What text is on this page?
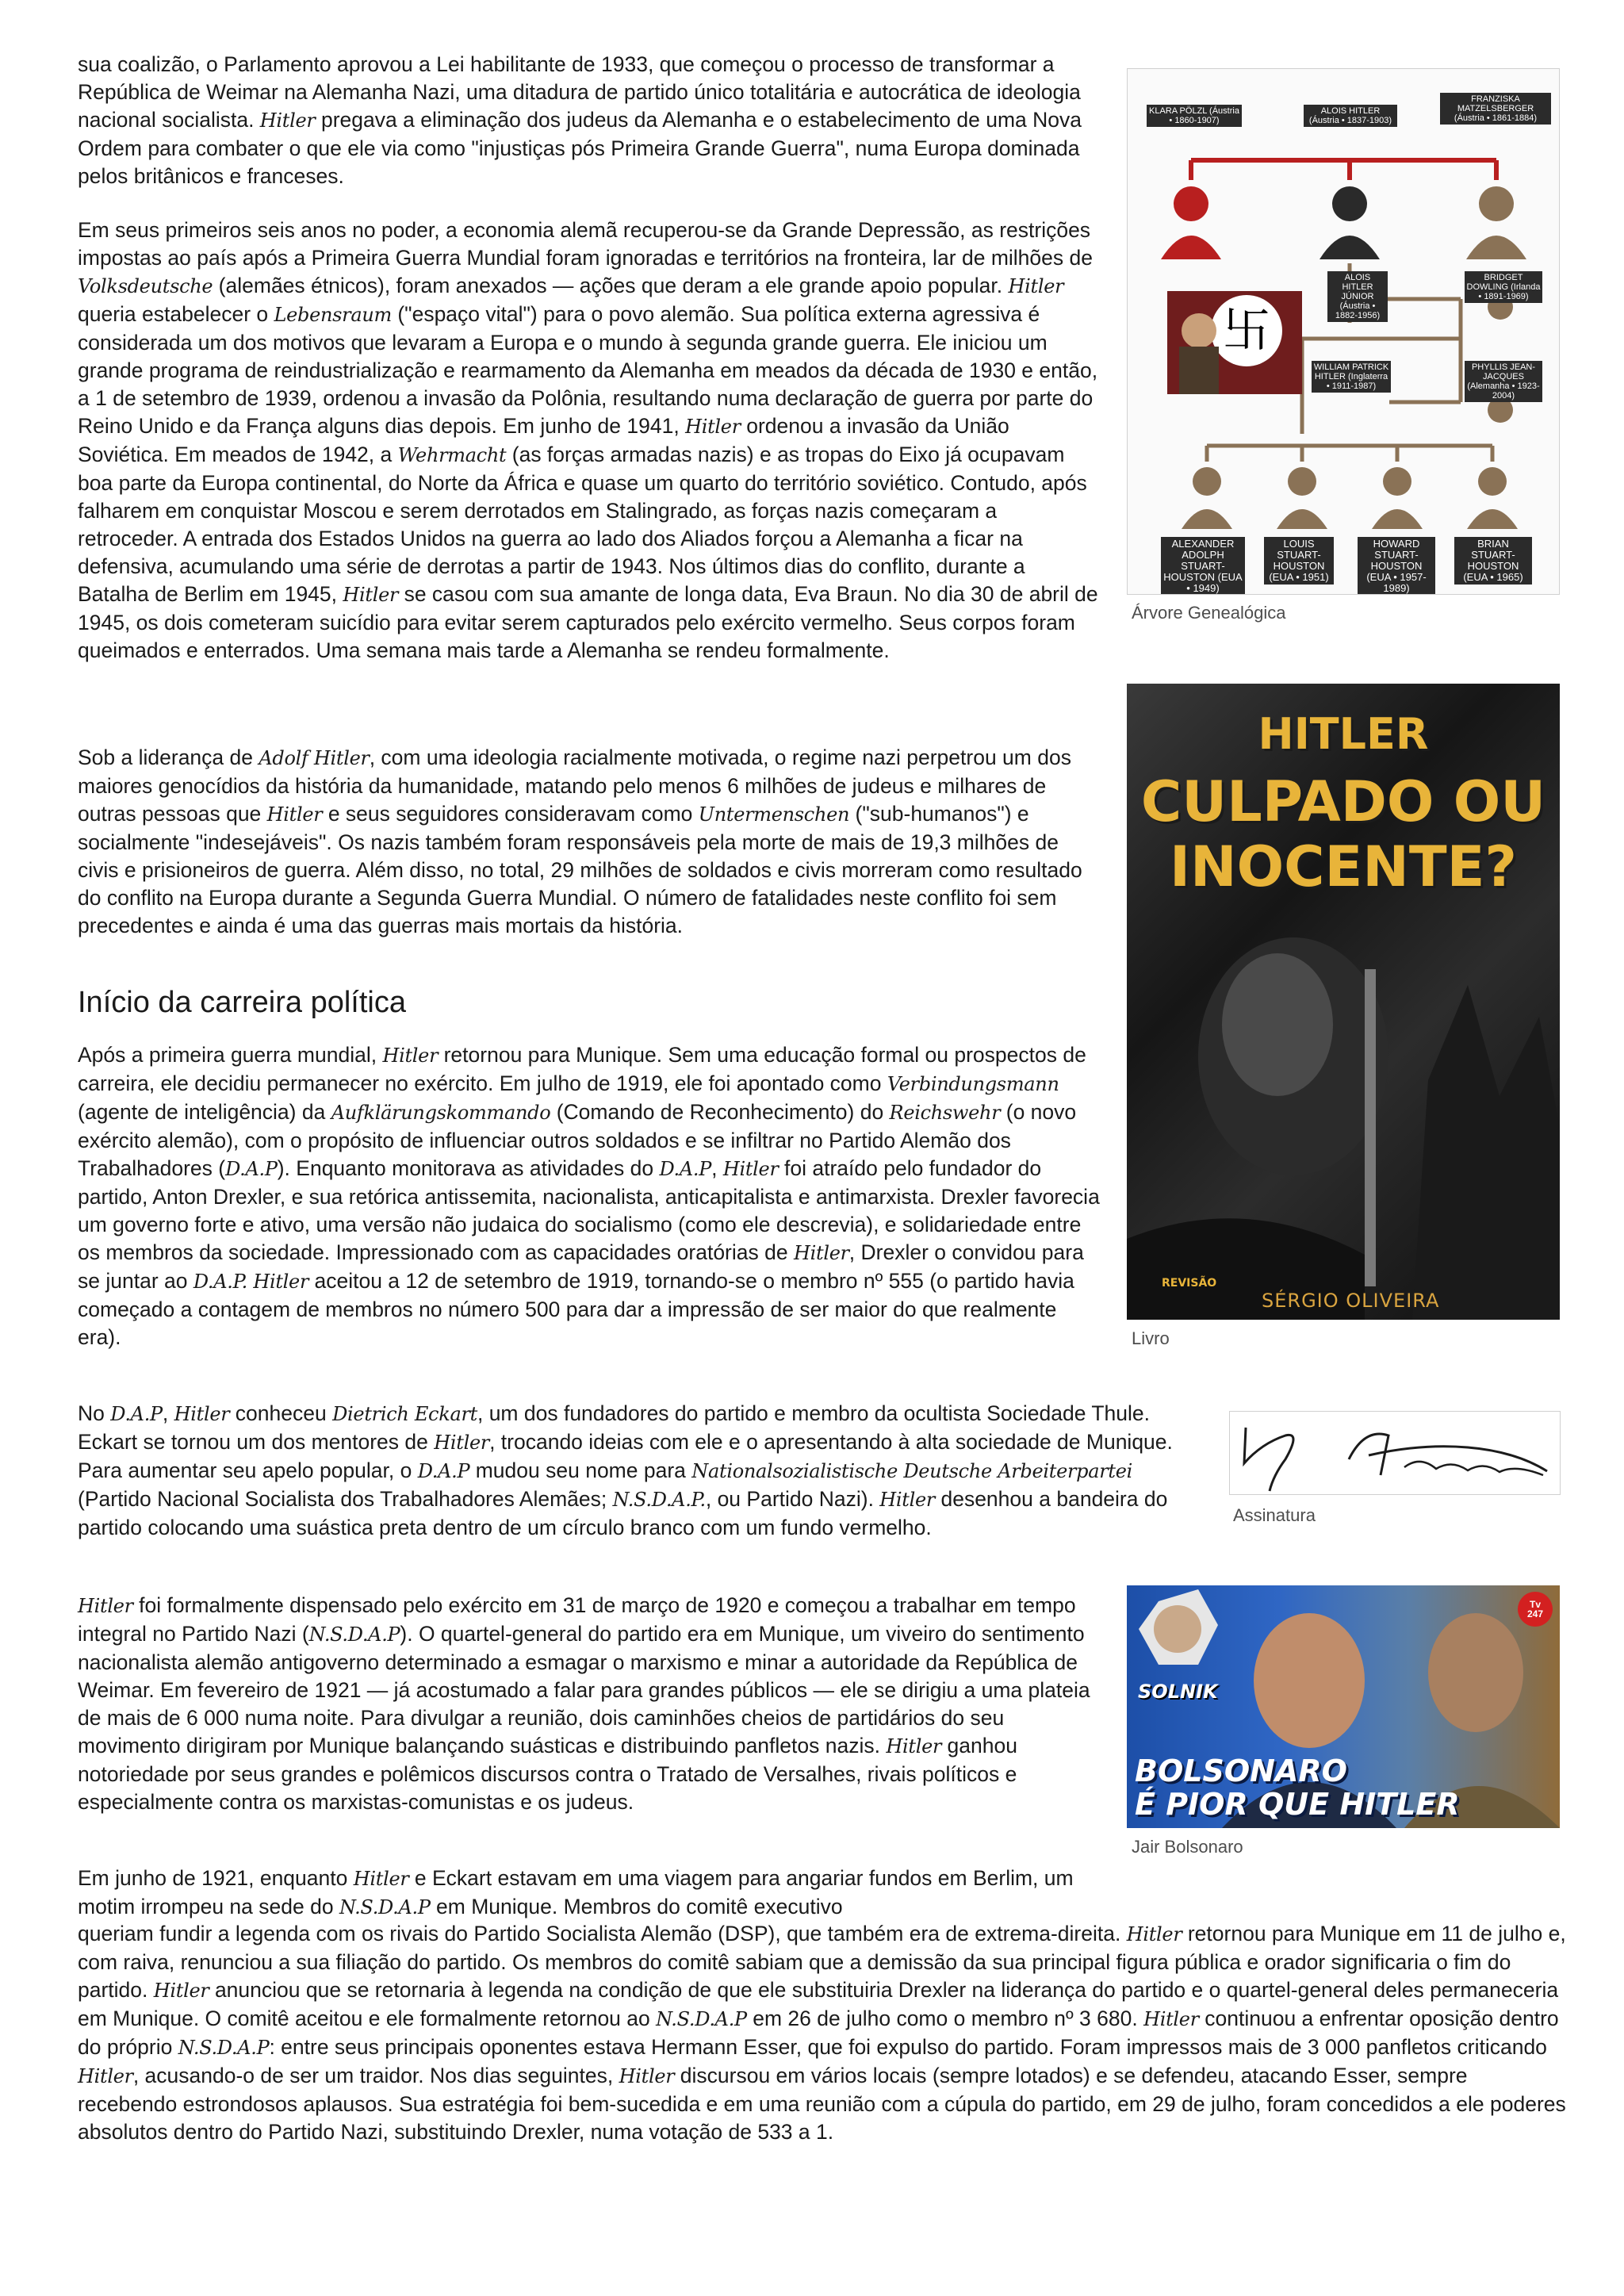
sua coalizão, o Parlamento aprovou a Lei habilitante de 1933, que começou o processo de transformar a República de Weimar na Alemanha Nazi, uma ditadura de partido único totalitária e autocrática de ideologia nacional socialista. Hitler pregava a eliminação dos judeus da Alemanha e o estabelecimento de uma Nova Ordem para combater o que ele via como "injustiças pós Primeira Grande Guerra", numa Europa dominada pelos britânicos e franceses.

Em seus primeiros seis anos no poder, a economia alemã recuperou-se da Grande Depressão, as restrições impostas ao país após a Primeira Guerra Mundial foram ignoradas e territórios na fronteira, lar de milhões de Volksdeutsche (alemães étnicos), foram anexados — ações que deram a ele grande apoio popular. Hitler queria estabelecer o Lebensraum ("espaço vital") para o povo alemão. Sua política externa agressiva é considerada um dos motivos que levaram a Europa e o mundo à segunda grande guerra. Ele iniciou um grande programa de reindustrialização e rearmamento da Alemanha em meados da década de 1930 e então, a 1 de setembro de 1939, ordenou a invasão da Polônia, resultando numa declaração de guerra por parte do Reino Unido e da França alguns dias depois. Em junho de 1941, Hitler ordenou a invasão da União Soviética. Em meados de 1942, a Wehrmacht (as forças armadas nazis) e as tropas do Eixo já ocupavam boa parte da Europa continental, do Norte da África e quase um quarto do território soviético. Contudo, após falharem em conquistar Moscou e serem derrotados em Stalingrado, as forças nazis começaram a retroceder. A entrada dos Estados Unidos na guerra ao lado dos Aliados forçou a Alemanha a ficar na defensiva, acumulando uma série de derrotas a partir de 1943. Nos últimos dias do conflito, durante a Batalha de Berlim em 1945, Hitler se casou com sua amante de longa data, Eva Braun. No dia 30 de abril de 1945, os dois cometeram suicídio para evitar serem capturados pelo exército vermelho. Seus corpos foram queimados e enterrados. Uma semana mais tarde a Alemanha se rendeu formalmente.

Sob a liderança de Adolf Hitler, com uma ideologia racialmente motivada, o regime nazi perpetrou um dos maiores genocídios da história da humanidade, matando pelo menos 6 milhões de judeus e milhares de outras pessoas que Hitler e seus seguidores consideravam como Untermenschen ("sub-humanos") e socialmente "indesejáveis". Os nazis também foram responsáveis pela morte de mais de 19,3 milhões de civis e prisioneiros de guerra. Além disso, no total, 29 milhões de soldados e civis morreram como resultado do conflito na Europa durante a Segunda Guerra Mundial. O número de fatalidades neste conflito foi sem precedentes e ainda é uma das guerras mais mortais da história.

Início da carreira política

Após a primeira guerra mundial, Hitler retornou para Munique. Sem uma educação formal ou prospectos de carreira, ele decidiu permanecer no exército. Em julho de 1919, ele foi apontado como Verbindungsmann (agente de inteligência) da Aufklärungskommando (Comando de Reconhecimento) do Reichswehr (o novo exército alemão), com o propósito de influenciar outros soldados e se infiltrar no Partido Alemão dos Trabalhadores (D.A.P). Enquanto monitorava as atividades do D.A.P, Hitler foi atraído pelo fundador do partido, Anton Drexler, e sua retórica antissemita, nacionalista, anticapitalista e antimarxista. Drexler favorecia um governo forte e ativo, uma versão não judaica do socialismo (como ele descrevia), e solidariedade entre os membros da sociedade. Impressionado com as capacidades oratórias de Hitler, Drexler o convidou para se juntar ao D.A.P. Hitler aceitou a 12 de setembro de 1919, tornando-se o membro nº 555 (o partido havia começado a contagem de membros no número 500 para dar a impressão de ser maior do que realmente era).

No D.A.P, Hitler conheceu Dietrich Eckart, um dos fundadores do partido e membro da ocultista Sociedade Thule. Eckart se tornou um dos mentores de Hitler, trocando ideias com ele e o apresentando à alta sociedade de Munique. Para aumentar seu apelo popular, o D.A.P mudou seu nome para Nationalsozialistische Deutsche Arbeiterpartei (Partido Nacional Socialista dos Trabalhadores Alemães; N.S.D.A.P., ou Partido Nazi). Hitler desenhou a bandeira do partido colocando uma suástica preta dentro de um círculo branco com um fundo vermelho.

Hitler foi formalmente dispensado pelo exército em 31 de março de 1920 e começou a trabalhar em tempo integral no Partido Nazi (N.S.D.A.P). O quartel-general do partido era em Munique, um viveiro do sentimento nacionalista alemão antigoverno determinado a esmagar o marxismo e minar a autoridade da República de Weimar. Em fevereiro de 1921 — já acostumado a falar para grandes públicos — ele se dirigiu a uma plateia de mais de 6 000 numa noite. Para divulgar a reunião, dois caminhões cheios de partidários do seu movimento dirigiram por Munique balançando suásticas e distribuindo panfletos nazis. Hitler ganhou notoriedade por seus grandes e polêmicos discursos contra o Tratado de Versalhes, rivais políticos e especialmente contra os marxistas-comunistas e os judeus.

Em junho de 1921, enquanto Hitler e Eckart estavam em uma viagem para angariar fundos em Berlim, um motim irrompeu na sede do N.S.D.A.P em Munique. Membros do comitê executivo

queriam fundir a legenda com os rivais do Partido Socialista Alemão (DSP), que também era de extrema-direita. Hitler retornou para Munique em 11 de julho e, com raiva, renunciou a sua filiação do partido. Os membros do comitê sabiam que a demissão da sua principal figura pública e orador significaria o fim do partido. Hitler anunciou que se retornaria à legenda na condição de que ele substituiria Drexler na liderança do partido e o quartel-general deles permaneceria em Munique. O comitê aceitou e ele formalmente retornou ao N.S.D.A.P em 26 de julho como o membro nº 3 680. Hitler continuou a enfrentar oposição dentro do próprio N.S.D.A.P: entre seus principais oponentes estava Hermann Esser, que foi expulso do partido. Foram impressos mais de 3 000 panfletos criticando Hitler, acusando-o de ser um traidor. Nos dias seguintes, Hitler discursou em vários locais (sempre lotados) e se defendeu, atacando Esser, sempre recebendo estrondosos aplausos. Sua estratégia foi bem-sucedida e em uma reunião com a cúpula do partido, em 29 de julho, foram concedidos a ele poderes absolutos dentro do Partido Nazi, substituindo Drexler, numa votação de 533 a 1.

卐
KLARA PÖLZL (Áustria • 1860-1907)
ALOIS HITLER (Áustria • 1837-1903)
FRANZISKA MATZELSBERGER (Áustria • 1861-1884)
ALOIS HITLER JÚNIOR (Áustria • 1882-1956)
BRIDGET DOWLING (Irlanda • 1891-1969)
WILLIAM PATRICK HITLER (Inglaterra • 1911-1987)
PHYLLIS JEAN-JACQUES (Alemanha • 1923-2004)
ALEXANDER ADOLPH STUART-HOUSTON (EUA • 1949)
LOUIS STUART-HOUSTON (EUA • 1951)
HOWARD STUART-HOUSTON (EUA • 1957-1989)
BRIAN STUART-HOUSTON (EUA • 1965)
Árvore Genealógica
HITLER
CULPADO OU
INOCENTE?
REVISÃO
SÉRGIO OLIVEIRA
Livro
Assinatura
Tv 247
SOLNIK
BOLSONARO
É PIOR QUE HITLER
Jair Bolsonaro
